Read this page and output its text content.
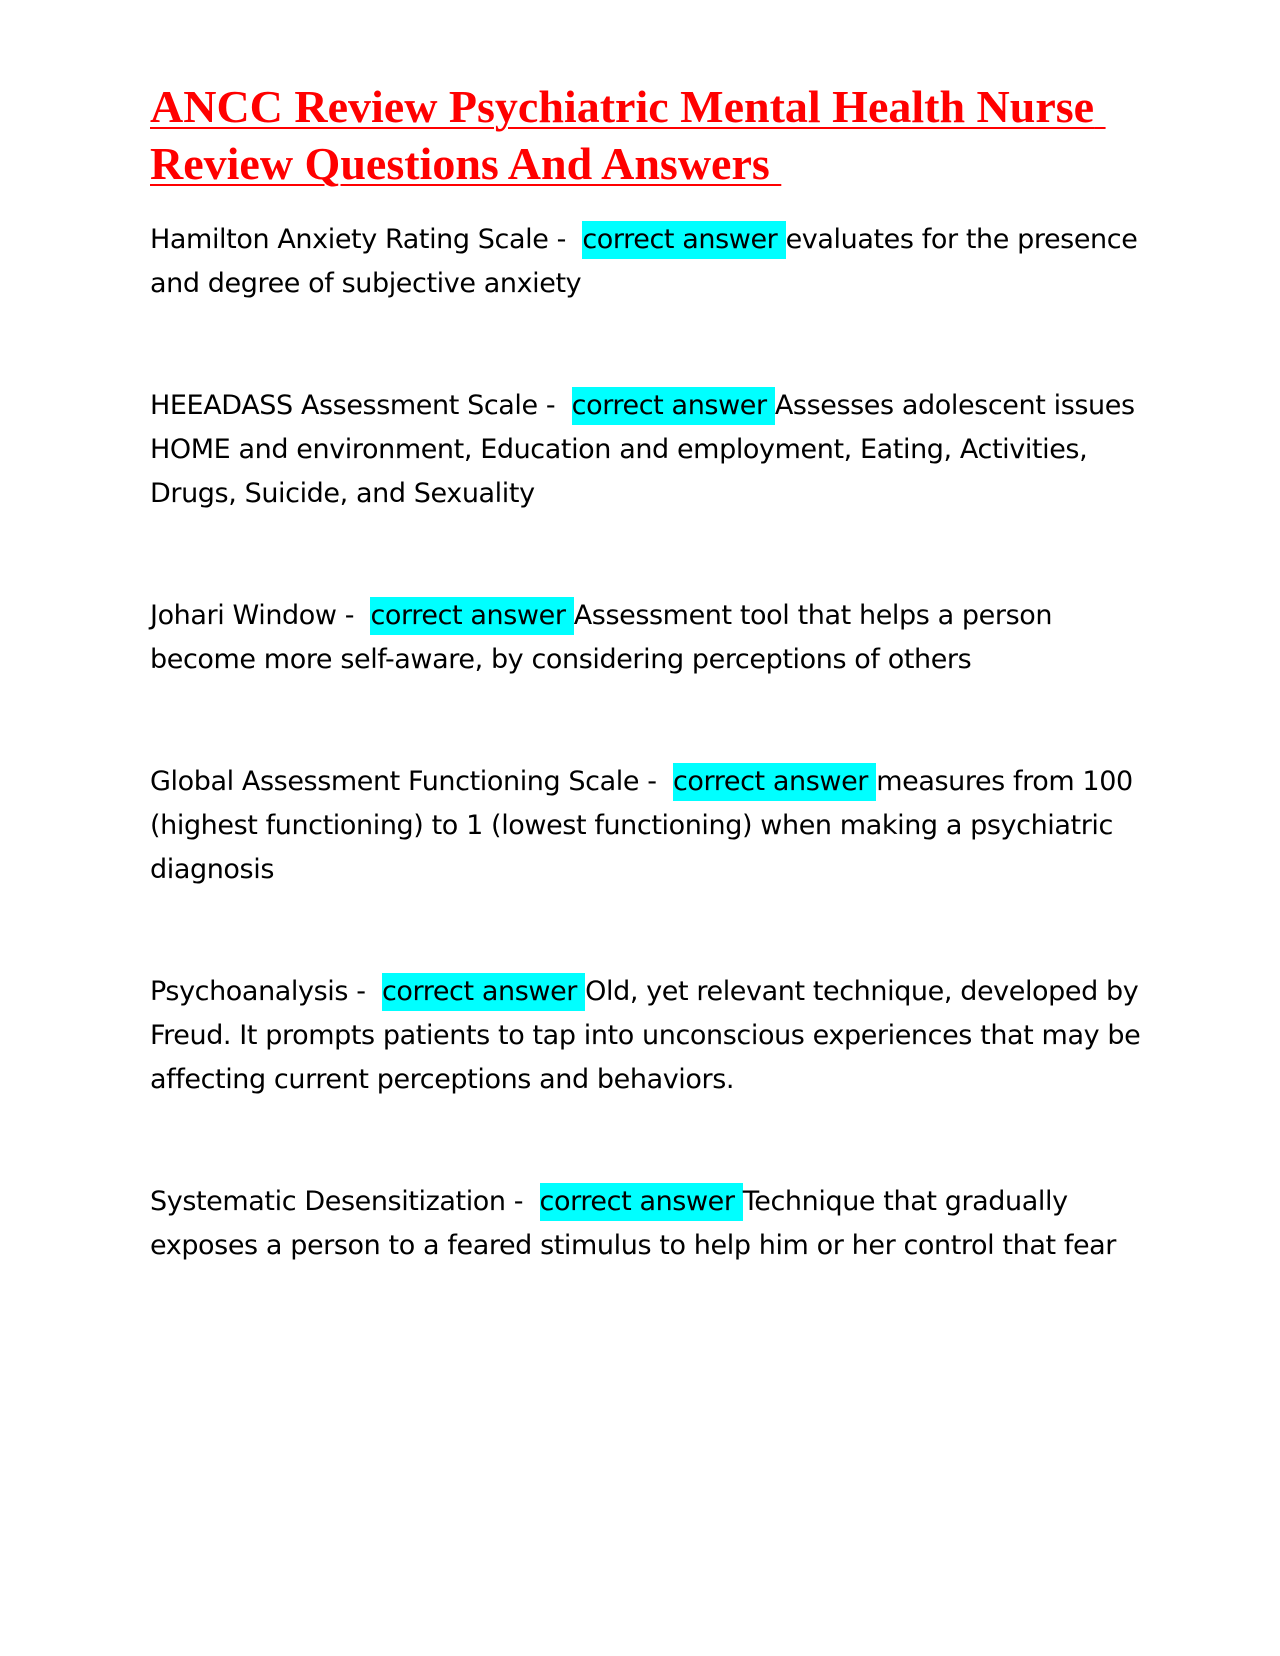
ANCC Review Psychiatric Mental Health Nurse Review Questions And Answers

Hamilton Anxiety Rating Scale -  correct answer evaluates for the presence and degree of subjective anxiety

HEEADASS Assessment Scale -  correct answer Assesses adolescent issues HOME and environment, Education and employment, Eating, Activities, Drugs, Suicide, and Sexuality

Johari Window -  correct answer Assessment tool that helps a person become more self-aware, by considering perceptions of others

Global Assessment Functioning Scale -  correct answer measures from 100 (highest functioning) to 1 (lowest functioning) when making a psychiatric diagnosis

Psychoanalysis -  correct answer Old, yet relevant technique, developed by Freud. It prompts patients to tap into unconscious experiences that may be affecting current perceptions and behaviors.

Systematic Desensitization -  correct answer Technique that gradually exposes a person to a feared stimulus to help him or her control that fear
